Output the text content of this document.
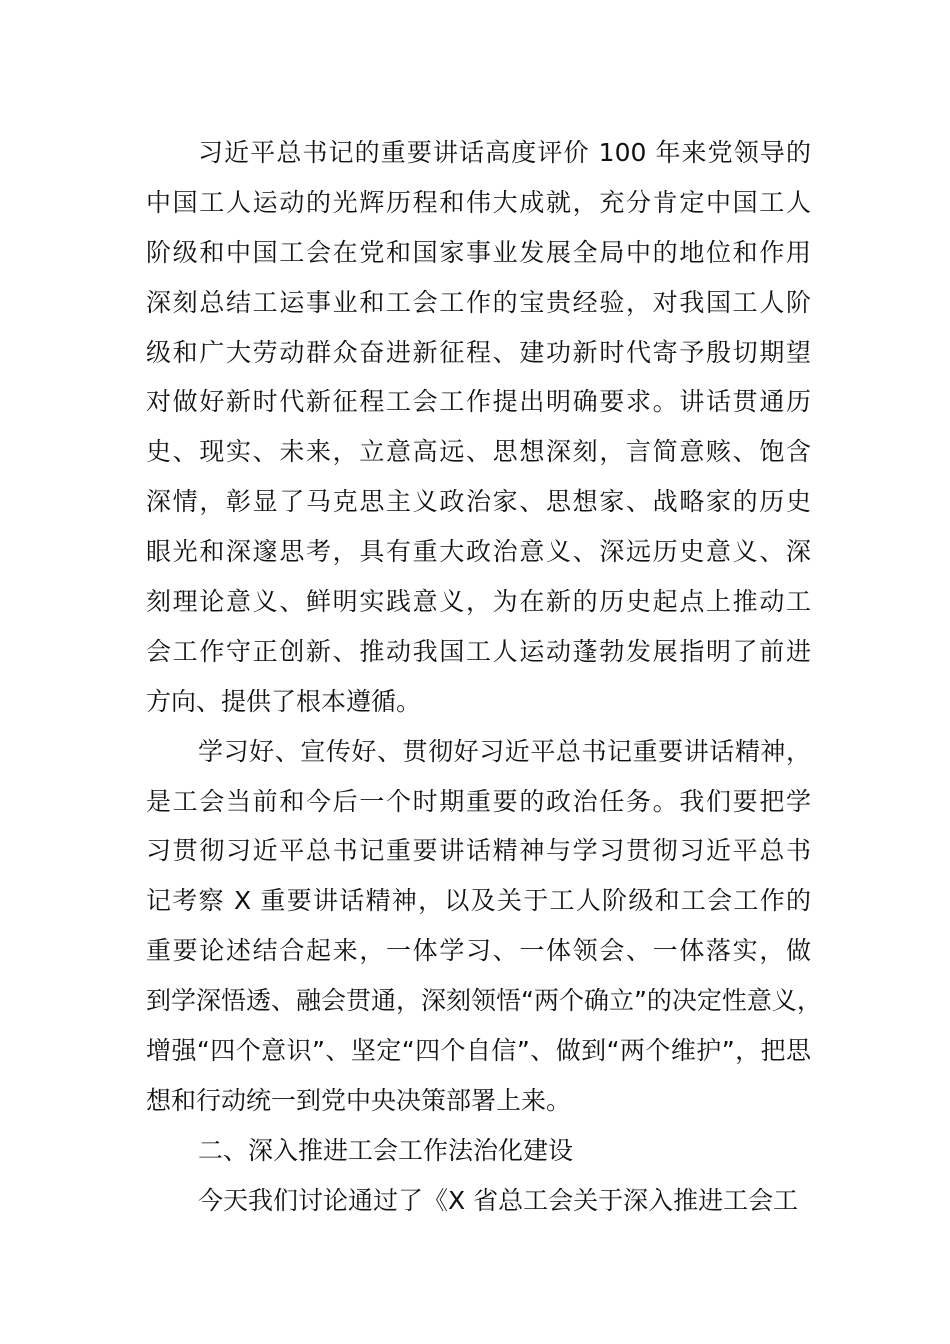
习近平总书记的重要讲话高度评价 100 年来党领导的
中国工人运动的光辉历程和伟大成就，充分肯定中国工人
阶级和中国工会在党和国家事业发展全局中的地位和作用
深刻总结工运事业和工会工作的宝贵经验，对我国工人阶
级和广大劳动群众奋进新征程、建功新时代寄予殷切期望
对做好新时代新征程工会工作提出明确要求。讲话贯通历
史、现实、未来，立意高远、思想深刻，言简意赅、饱含
深情，彰显了马克思主义政治家、思想家、战略家的历史
眼光和深邃思考，具有重大政治意义、深远历史意义、深
刻理论意义、鲜明实践意义，为在新的历史起点上推动工
会工作守正创新、推动我国工人运动蓬勃发展指明了前进
方向、提供了根本遵循。
学习好、宣传好、贯彻好习近平总书记重要讲话精神，
是工会当前和今后一个时期重要的政治任务。我们要把学
习贯彻习近平总书记重要讲话精神与学习贯彻习近平总书
记考察 X 重要讲话精神，以及关于工人阶级和工会工作的
重要论述结合起来，一体学习、一体领会、一体落实，做
到学深悟透、融会贯通，深刻领悟“两个确立”的决定性意义，
增强“四个意识”、坚定“四个自信”、做到“两个维护”，把思
想和行动统一到党中央决策部署上来。
二、深入推进工会工作法治化建设
今天我们讨论通过了《X 省总工会关于深入推进工会工
